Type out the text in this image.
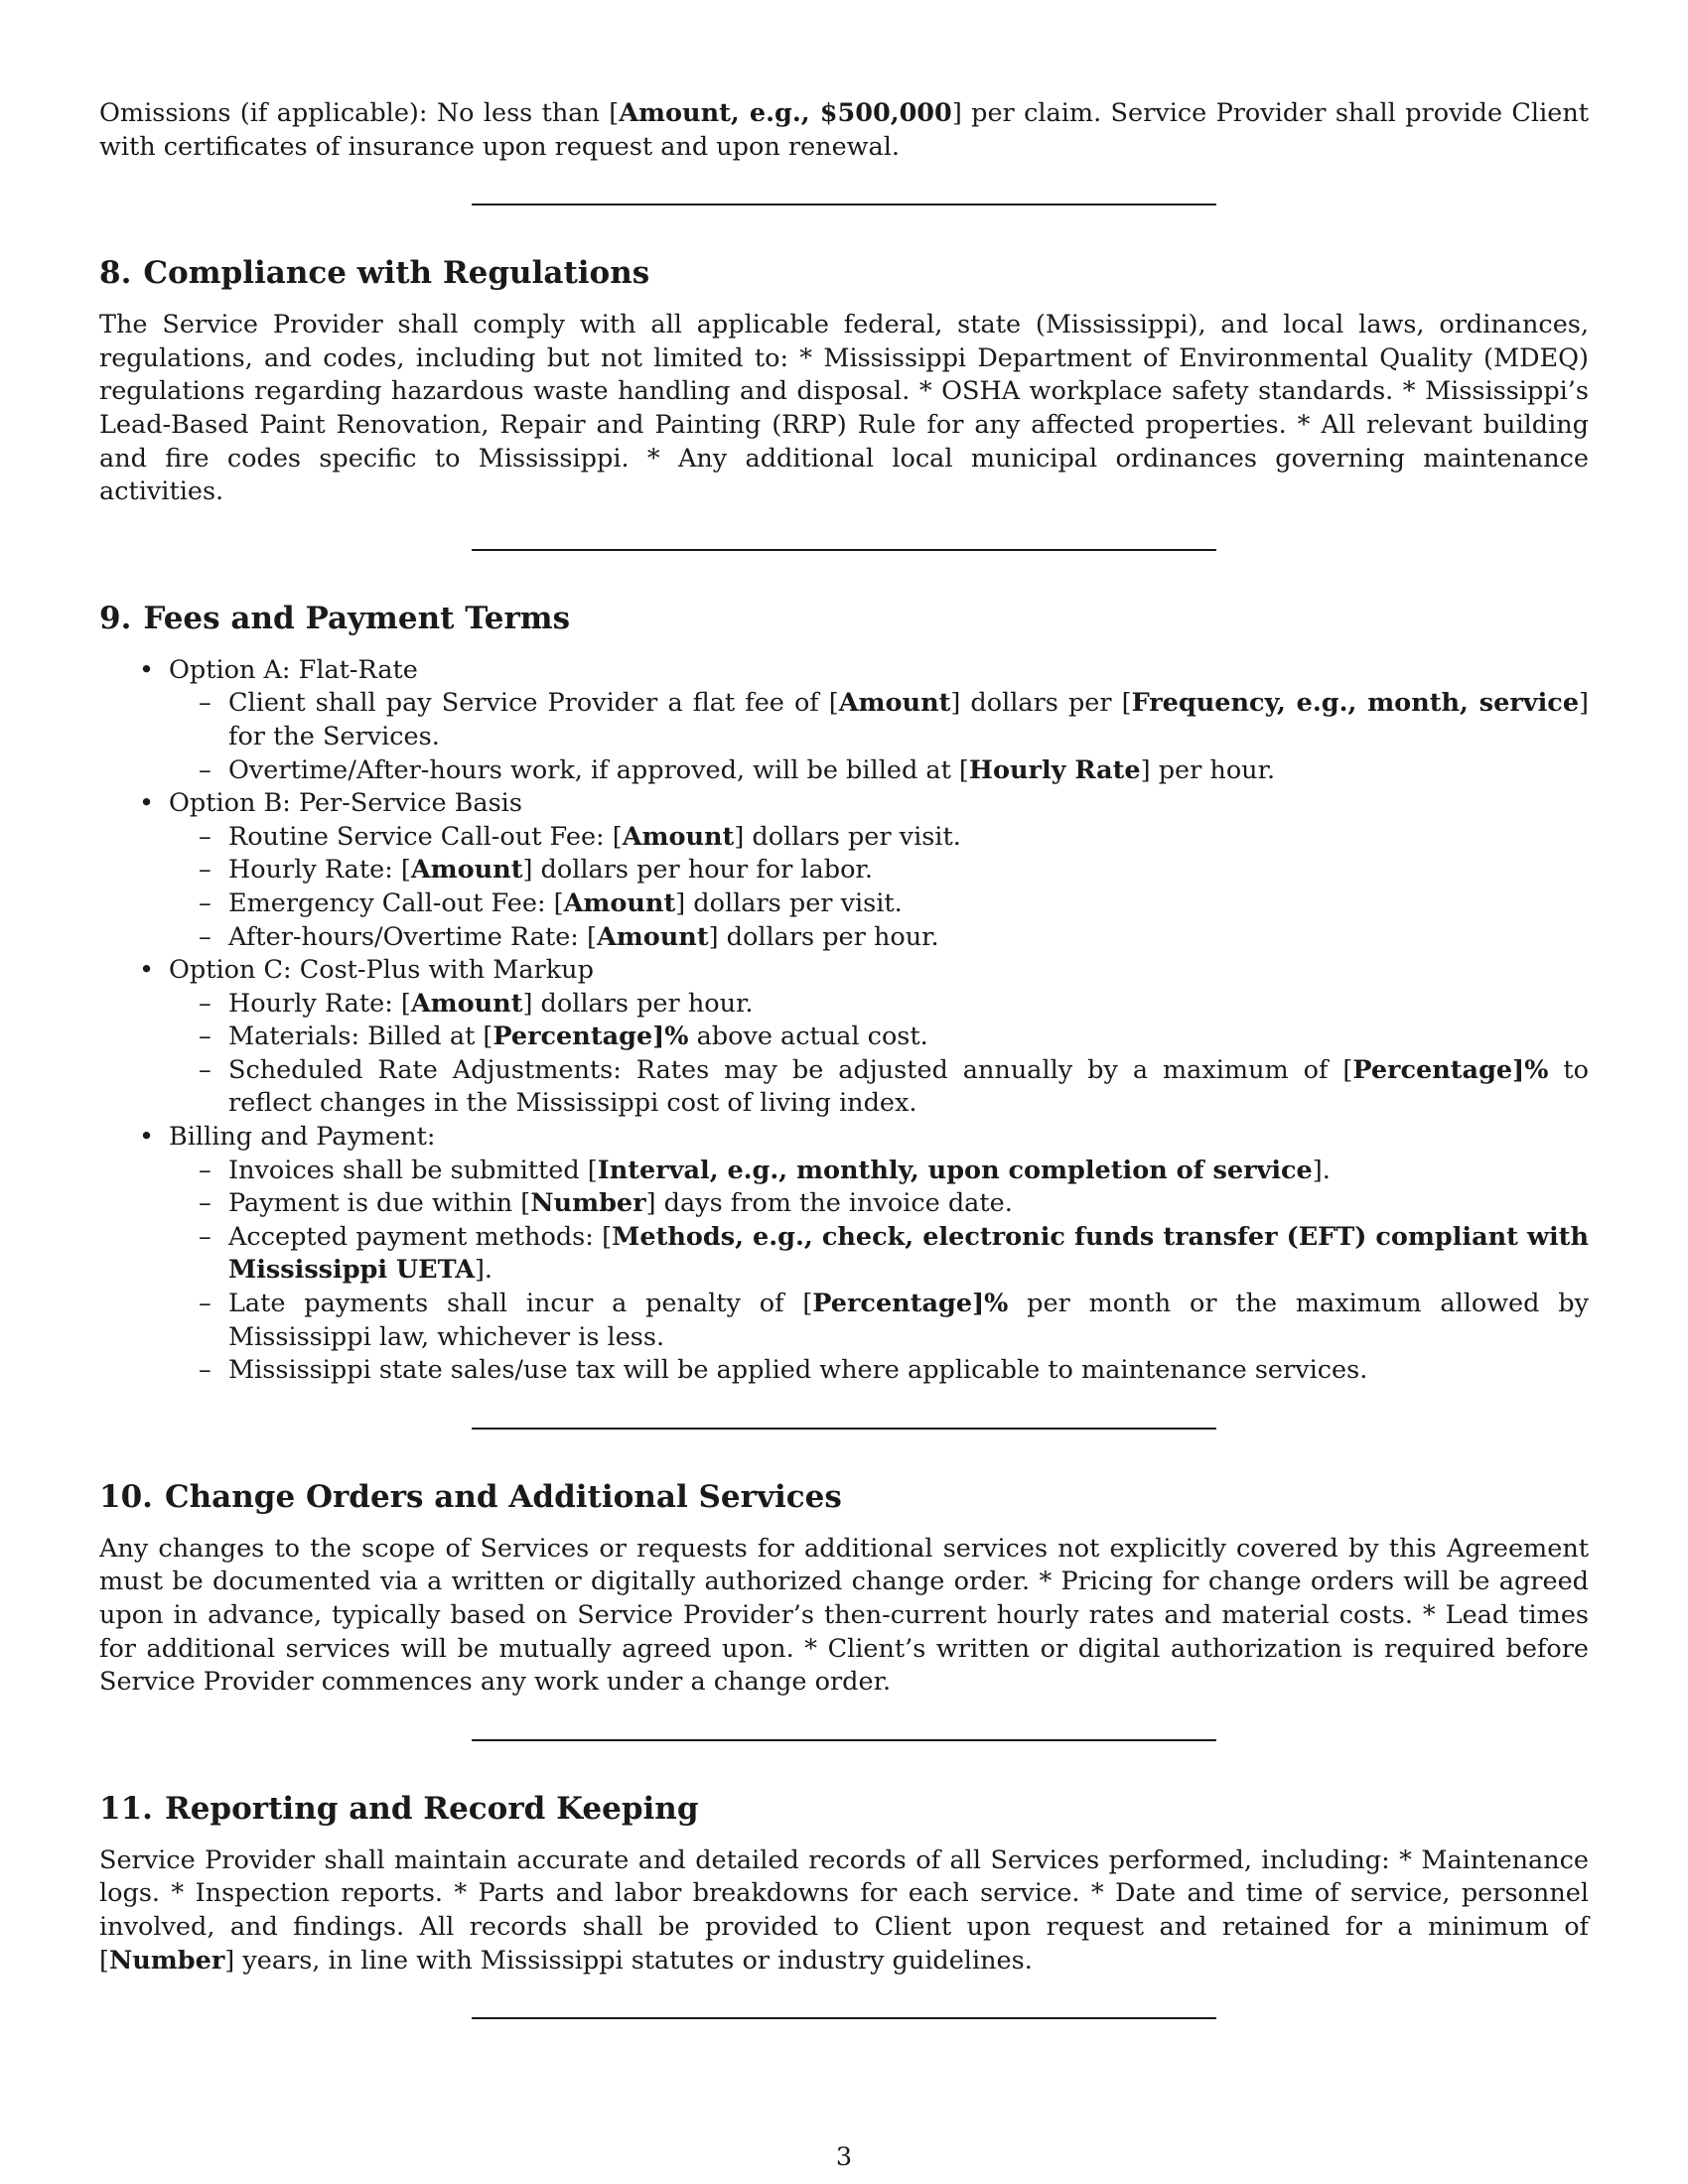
Omissions (if applicable): No less than [Amount, e.g., $500,000] per claim. Service Provider shall provide Client with certificates of insurance upon request and upon renewal.

8. Compliance with Regulations

The Service Provider shall comply with all applicable federal, state (Mississippi), and local laws, ordinances, regulations, and codes, including but not limited to: * Mississippi Department of Environmental Quality (MDEQ) regulations regarding hazardous waste handling and disposal. * OSHA workplace safety standards. * Mississippi’s Lead-Based Paint Renovation, Repair and Painting (RRP) Rule for any affected properties. * All relevant building and fire codes specific to Mississippi. * Any additional local municipal ordinances governing maintenance activities.

9. Fees and Payment Terms
• Option A: Flat-Rate
– Client shall pay Service Provider a flat fee of [Amount] dollars per [Frequency, e.g., month, service] for the Services.
– Overtime/After-hours work, if approved, will be billed at [Hourly Rate] per hour.
• Option B: Per-Service Basis
– Routine Service Call-out Fee: [Amount] dollars per visit.
– Hourly Rate: [Amount] dollars per hour for labor.
– Emergency Call-out Fee: [Amount] dollars per visit.
– After-hours/Overtime Rate: [Amount] dollars per hour.
• Option C: Cost-Plus with Markup
– Hourly Rate: [Amount] dollars per hour.
– Materials: Billed at [Percentage]% above actual cost.
– Scheduled Rate Adjustments: Rates may be adjusted annually by a maximum of [Percentage]% to reflect changes in the Mississippi cost of living index.
• Billing and Payment:
– Invoices shall be submitted [Interval, e.g., monthly, upon completion of service].
– Payment is due within [Number] days from the invoice date.
– Accepted payment methods: [Methods, e.g., check, electronic funds transfer (EFT) compliant with Mississippi UETA].
– Late payments shall incur a penalty of [Percentage]% per month or the maximum allowed by Mississippi law, whichever is less.
– Mississippi state sales/use tax will be applied where applicable to maintenance services.
10. Change Orders and Additional Services

Any changes to the scope of Services or requests for additional services not explicitly covered by this Agreement must be documented via a written or digitally authorized change order. * Pricing for change orders will be agreed upon in advance, typically based on Service Provider’s then-current hourly rates and material costs. * Lead times for additional services will be mutually agreed upon. * Client’s written or digital authorization is required before Service Provider commences any work under a change order.

11. Reporting and Record Keeping

Service Provider shall maintain accurate and detailed records of all Services performed, including: * Maintenance logs. * Inspection reports. * Parts and labor breakdowns for each service. * Date and time of service, personnel involved, and findings. All records shall be provided to Client upon request and retained for a minimum of [Number] years, in line with Mississippi statutes or industry guidelines.

3
